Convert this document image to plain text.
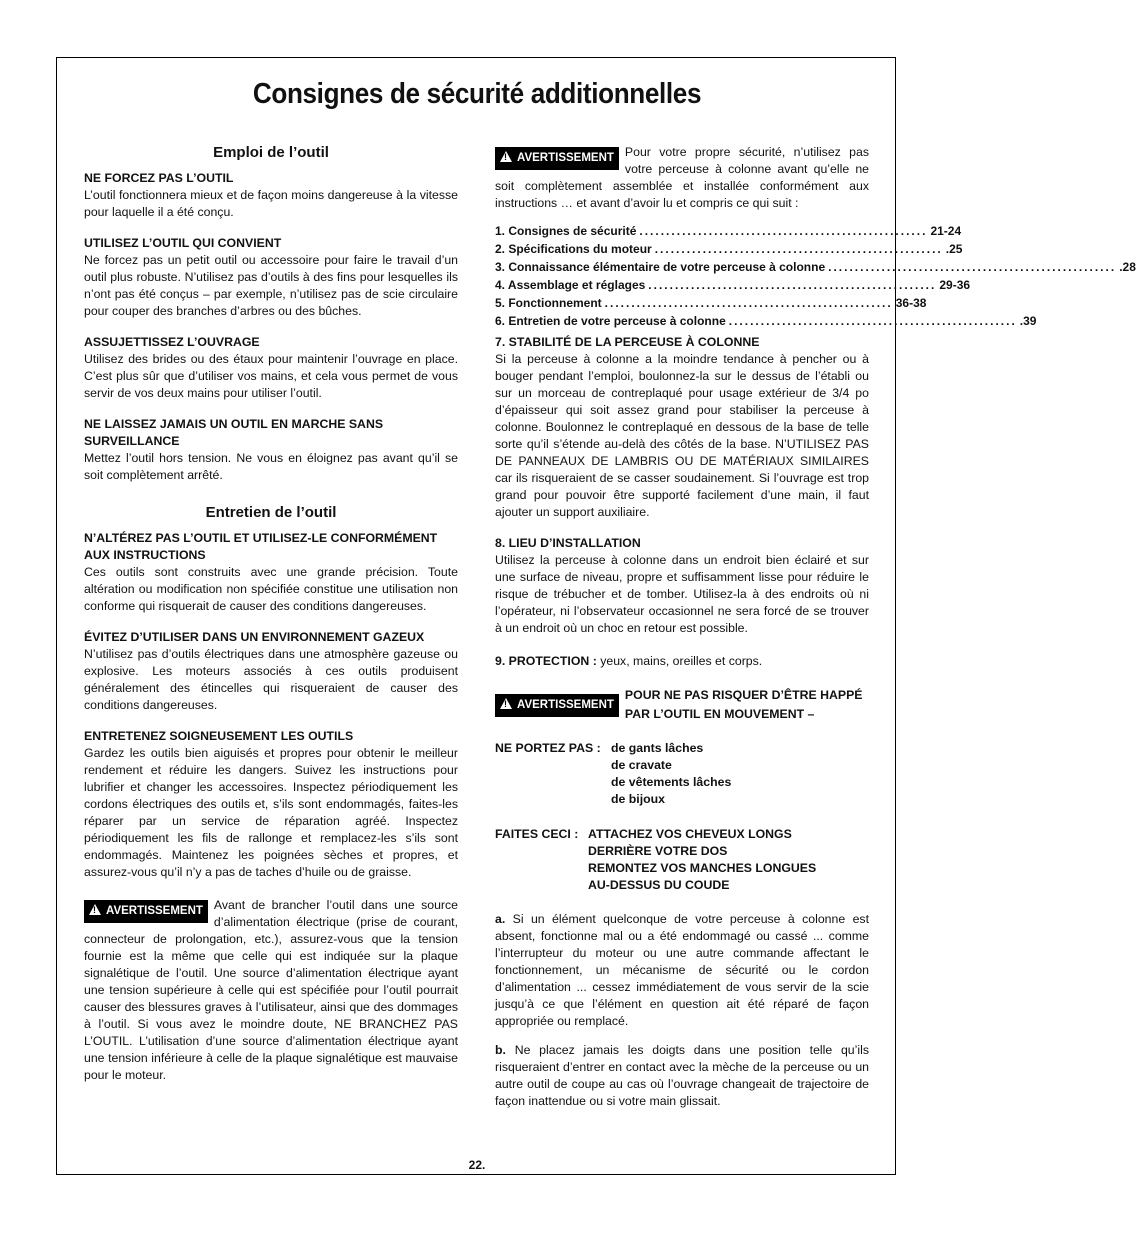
Consignes de sécurité additionnelles
Emploi de l’outil
NE FORCEZ PAS L’OUTIL

L’outil fonctionnera mieux et de façon moins dangereuse à la vitesse pour laquelle il a été conçu.

UTILISEZ L’OUTIL QUI CONVIENT

Ne forcez pas un petit outil ou accessoire pour faire le travail d’un outil plus robuste. N’utilisez pas d’outils à des fins pour lesquelles ils n’ont pas été conçus – par exemple, n’utilisez pas de scie circulaire pour couper des branches d’arbres ou des bûches.

ASSUJETTISSEZ L’OUVRAGE

Utilisez des brides ou des étaux pour maintenir l’ouvrage en place. C’est plus sûr que d’utiliser vos mains, et cela vous permet de vous servir de vos deux mains pour utiliser l’outil.

NE LAISSEZ JAMAIS UN OUTIL EN MARCHE SANS SURVEILLANCE

Mettez l’outil hors tension. Ne vous en éloignez pas avant qu’il se soit complètement arrêté.

Entretien de l’outil
N’ALTÉREZ PAS L’OUTIL ET UTILISEZ-LE CONFORMÉMENT AUX INSTRUCTIONS

Ces outils sont construits avec une grande précision. Toute altération ou modification non spécifiée constitue une utilisation non conforme qui risquerait de causer des conditions dangereuses.

ÉVITEZ D’UTILISER DANS UN ENVIRONNEMENT GAZEUX

N’utilisez pas d’outils électriques dans une atmosphère gazeuse ou explosive. Les moteurs associés à ces outils produisent généralement des étincelles qui risqueraient de causer des conditions dangereuses.

ENTRETENEZ SOIGNEUSEMENT LES OUTILS

Gardez les outils bien aiguisés et propres pour obtenir le meilleur rendement et réduire les dangers. Suivez les instructions pour lubrifier et changer les accessoires. Inspectez périodiquement les cordons électriques des outils et, s’ils sont endommagés, faites-les réparer par un service de réparation agréé. Inspectez périodiquement les fils de rallonge et remplacez-les s’ils sont endommagés. Maintenez les poignées sèches et propres, et assurez-vous qu’il n’y a pas de taches d’huile ou de graisse.

!AVERTISSEMENT Avant de brancher l’outil dans une source d’alimentation électrique (prise de courant, connecteur de prolongation, etc.), assurez-vous que la tension fournie est la même que celle qui est indiquée sur la plaque signalétique de l’outil. Une source d’alimentation électrique ayant une tension supérieure à celle qui est spécifiée pour l’outil pourrait causer des blessures graves à l’utilisateur, ainsi que des dommages à l’outil. Si vous avez le moindre doute, NE BRANCHEZ PAS L’OUTIL. L’utilisation d’une source d’alimentation électrique ayant une tension inférieure à celle de la plaque signalétique est mauvaise pour le moteur.

!AVERTISSEMENT Pour votre propre sécurité, n’utilisez pas votre perceuse à colonne avant qu’elle ne soit complètement assemblée et installée conformément aux instructions … et avant d’avoir lu et compris ce qui suit :

1. Consignes de sécurité ...................................................... 21-24
2. Spécifications du moteur ...................................................... .25
3. Connaissance élémentaire de votre perceuse à colonne ...................................................... .28
4. Assemblage et réglages ...................................................... 29-36
5. Fonctionnement ...................................................... 36-38
6. Entretien de votre perceuse à colonne ...................................................... .39
7. STABILITÉ DE LA PERCEUSE À COLONNE

Si la perceuse à colonne a la moindre tendance à pencher ou à bouger pendant l’emploi, boulonnez-la sur le dessus de l’établi ou sur un morceau de contreplaqué pour usage extérieur de 3/4 po d’épaisseur qui soit assez grand pour stabiliser la perceuse à colonne. Boulonnez le contreplaqué en dessous de la base de telle sorte qu’il s’étende au-delà des côtés de la base. N’UTILISEZ PAS DE PANNEAUX DE LAMBRIS OU DE MATÉRIAUX SIMILAIRES car ils risqueraient de se casser soudainement. Si l’ouvrage est trop grand pour pouvoir être supporté facilement d’une main, il faut ajouter un support auxiliaire.

8. LIEU D’INSTALLATION

Utilisez la perceuse à colonne dans un endroit bien éclairé et sur une surface de niveau, propre et suffisamment lisse pour réduire le risque de trébucher et de tomber. Utilisez-la à des endroits où ni l’opérateur, ni l’observateur occasionnel ne sera forcé de se trouver à un endroit où un choc en retour est possible.

9. PROTECTION : yeux, mains, oreilles et corps.

!AVERTISSEMENT

POUR NE PAS RISQUER D’ÊTRE HAPPÉ PAR L’OUTIL EN MOUVEMENT –

NE PORTEZ PAS : de gants lâches
de cravate
de vêtements lâches
de bijoux
FAITES CECI : ATTACHEZ VOS CHEVEUX LONGS
DERRIÈRE VOTRE DOS
REMONTEZ VOS MANCHES LONGUES
AU-DESSUS DU COUDE

a. Si un élément quelconque de votre perceuse à colonne est absent, fonctionne mal ou a été endommagé ou cassé ... comme l’interrupteur du moteur ou une autre commande affectant le fonctionnement, un mécanisme de sécurité ou le cordon d’alimentation ... cessez immédiatement de vous servir de la scie jusqu’à ce que l’élément en question ait été réparé de façon appropriée ou remplacé.

b. Ne placez jamais les doigts dans une position telle qu’ils risqueraient d’entrer en contact avec la mèche de la perceuse ou un autre outil de coupe au cas où l’ouvrage changeait de trajectoire de façon inattendue ou si votre main glissait.

22.
